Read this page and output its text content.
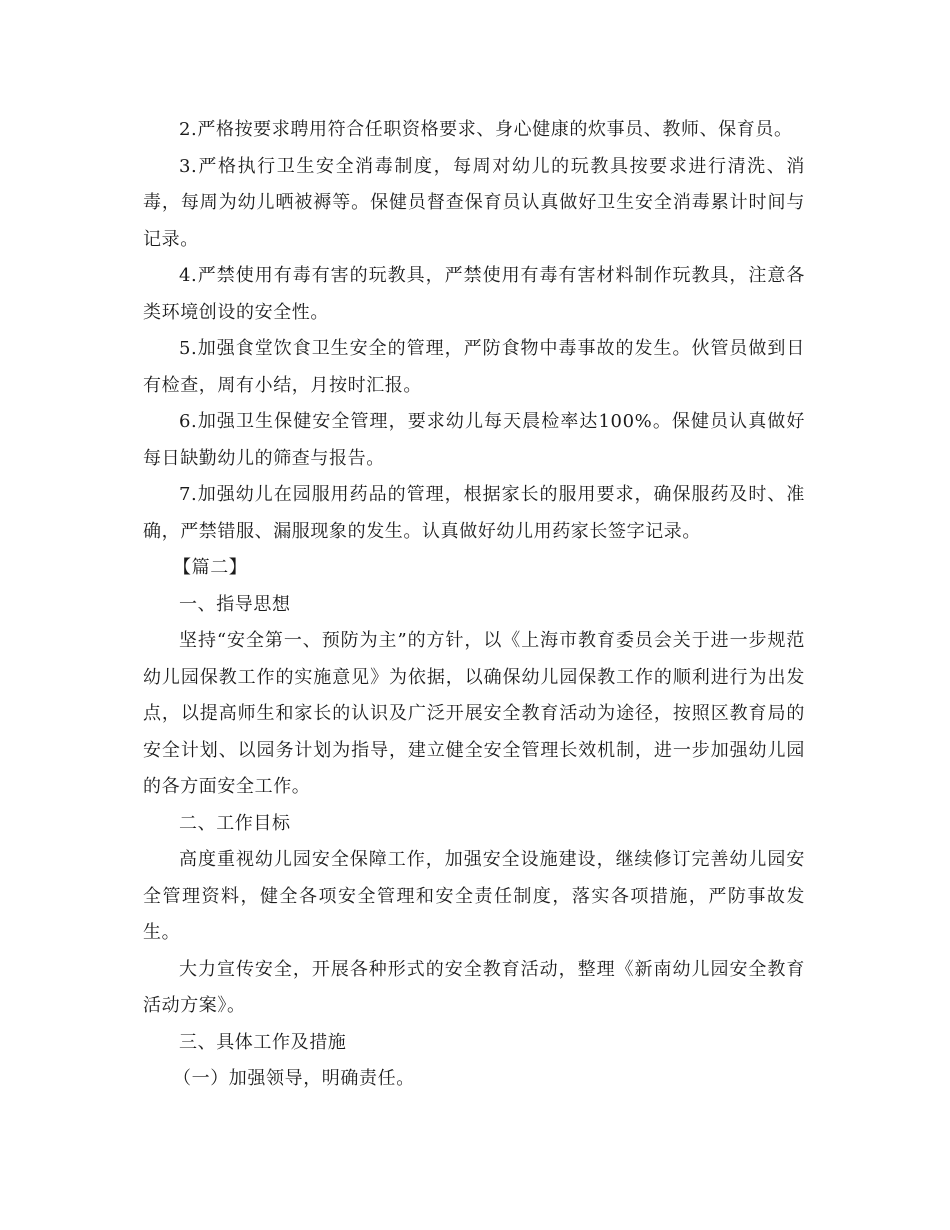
2.严格按要求聘用符合任职资格要求、身心健康的炊事员、教师、保育员。

3.严格执行卫生安全消毒制度，每周对幼儿的玩教具按要求进行清洗、消毒，每周为幼儿晒被褥等。保健员督查保育员认真做好卫生安全消毒累计时间与记录。

4.严禁使用有毒有害的玩教具，严禁使用有毒有害材料制作玩教具，注意各类环境创设的安全性。

5.加强食堂饮食卫生安全的管理，严防食物中毒事故的发生。伙管员做到日有检查，周有小结，月按时汇报。

6.加强卫生保健安全管理，要求幼儿每天晨检率达100%。保健员认真做好每日缺勤幼儿的筛查与报告。

7.加强幼儿在园服用药品的管理，根据家长的服用要求，确保服药及时、准确，严禁错服、漏服现象的发生。认真做好幼儿用药家长签字记录。

【篇二】

一、指导思想

坚持“安全第一、预防为主”的方针，以《上海市教育委员会关于进一步规范幼儿园保教工作的实施意见》为依据，以确保幼儿园保教工作的顺利进行为出发点，以提高师生和家长的认识及广泛开展安全教育活动为途径，按照区教育局的安全计划、以园务计划为指导，建立健全安全管理长效机制，进一步加强幼儿园的各方面安全工作。

二、工作目标

高度重视幼儿园安全保障工作，加强安全设施建设，继续修订完善幼儿园安全管理资料，健全各项安全管理和安全责任制度，落实各项措施，严防事故发生。

大力宣传安全，开展各种形式的安全教育活动，整理《新南幼儿园安全教育活动方案》。

三、具体工作及措施

（一）加强领导，明确责任。
